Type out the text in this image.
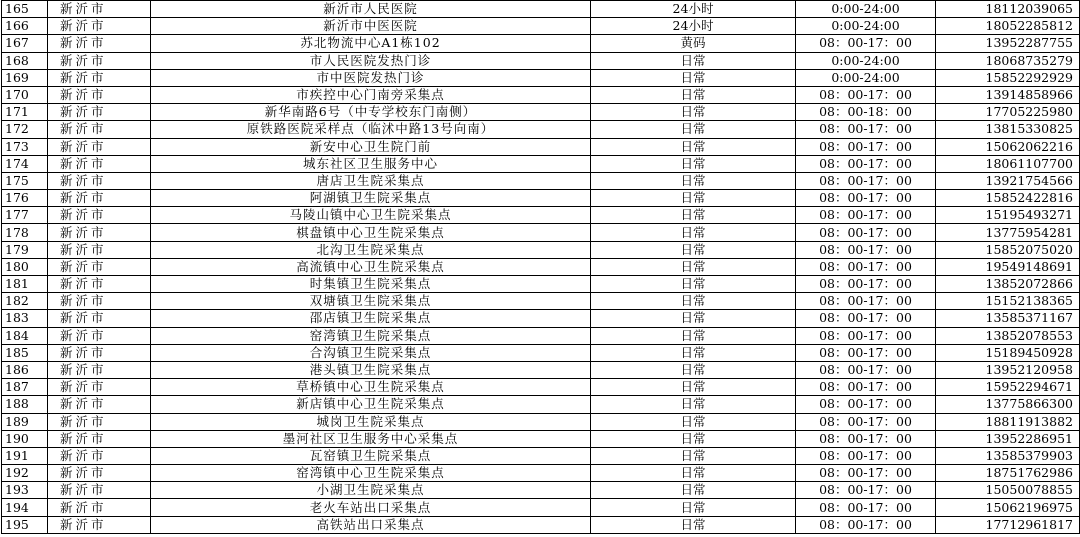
165	新沂市	新沂市人民医院	24小时	0:00-24:00	18112039065
166	新沂市	新沂市中医医院	24小时	0:00-24:00	18052285812
167	新沂市	苏北物流中心A1栋102	黄码	08：00-17：00	13952287755
168	新沂市	市人民医院发热门诊	日常	0:00-24:00	18068735279
169	新沂市	市中医院发热门诊	日常	0:00-24:00	15852292929
170	新沂市	市疾控中心门南旁采集点	日常	08：00-17：00	13914858966
171	新沂市	新华南路6号（中专学校东门南侧）	日常	08：00-18：00	17705225980
172	新沂市	原铁路医院采样点（临沭中路13号向南）	日常	08：00-17：00	13815330825
173	新沂市	新安中心卫生院门前	日常	08：00-17：00	15062062216
174	新沂市	城东社区卫生服务中心	日常	08：00-17：00	18061107700
175	新沂市	唐店卫生院采集点	日常	08：00-17：00	13921754566
176	新沂市	阿湖镇卫生院采集点	日常	08：00-17：00	15852422816
177	新沂市	马陵山镇中心卫生院采集点	日常	08：00-17：00	15195493271
178	新沂市	棋盘镇中心卫生院采集点	日常	08：00-17：00	13775954281
179	新沂市	北沟卫生院采集点	日常	08：00-17：00	15852075020
180	新沂市	高流镇中心卫生院采集点	日常	08：00-17：00	19549148691
181	新沂市	时集镇卫生院采集点	日常	08：00-17：00	13852072866
182	新沂市	双塘镇卫生院采集点	日常	08：00-17：00	15152138365
183	新沂市	邵店镇卫生院采集点	日常	08：00-17：00	13585371167
184	新沂市	窑湾镇卫生院采集点	日常	08：00-17：00	13852078553
185	新沂市	合沟镇卫生院采集点	日常	08：00-17：00	15189450928
186	新沂市	港头镇卫生院采集点	日常	08：00-17：00	13952120958
187	新沂市	草桥镇中心卫生院采集点	日常	08：00-17：00	15952294671
188	新沂市	新店镇中心卫生院采集点	日常	08：00-17：00	13775866300
189	新沂市	城岗卫生院采集点	日常	08：00-17：00	18811913882
190	新沂市	墨河社区卫生服务中心采集点	日常	08：00-17：00	13952286951
191	新沂市	瓦窑镇卫生院采集点	日常	08：00-17：00	13585379903
192	新沂市	窑湾镇中心卫生院采集点	日常	08：00-17：00	18751762986
193	新沂市	小湖卫生院采集点	日常	08：00-17：00	15050078855
194	新沂市	老火车站出口采集点	日常	08：00-17：00	15062196975
195	新沂市	高铁站出口采集点	日常	08：00-17：00	17712961817
